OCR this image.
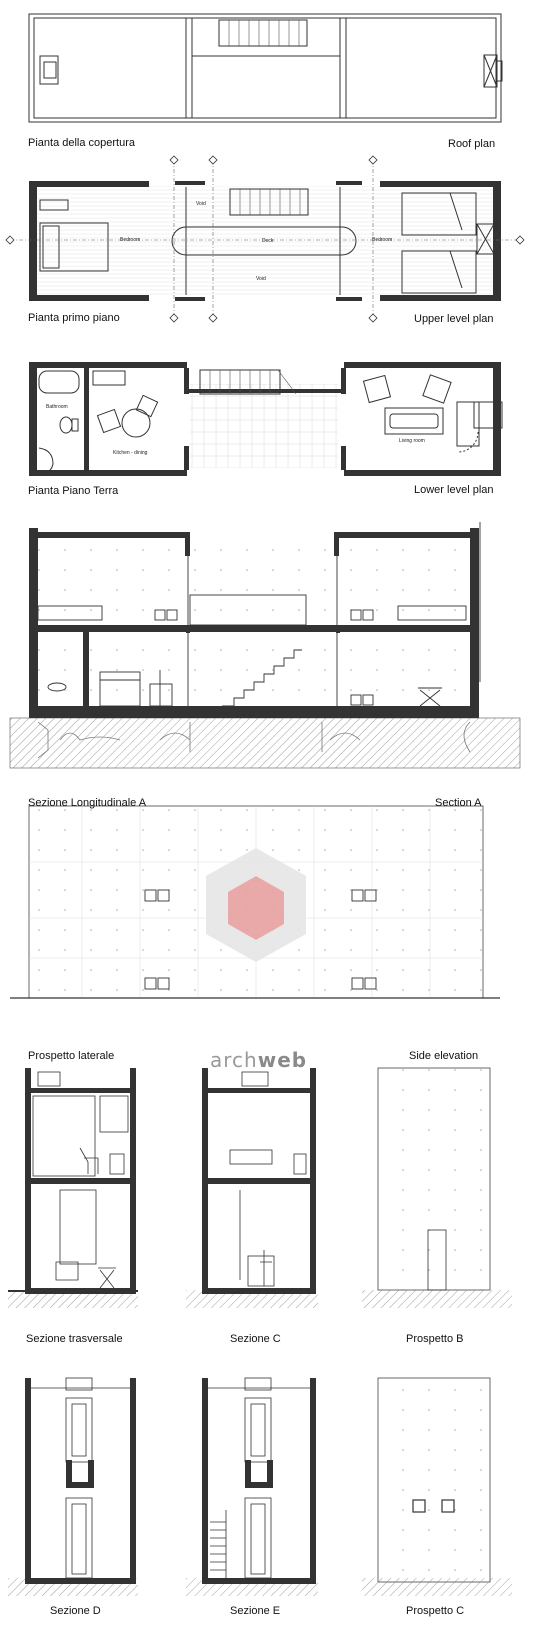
Bedroom
Void
Deck
Void
Bedroom
Bathroom
Kitchen - dining
Living room
Pianta della copertura	Roof plan
Pianta primo piano	Upper level plan
Pianta Piano Terra	Lower level plan
Sezione Longitudinale A	Section A
Prospetto laterale	Side elevation
Sezione trasversale	Sezione C	Prospetto B
Sezione D	Sezione E	Prospetto C
archweb
